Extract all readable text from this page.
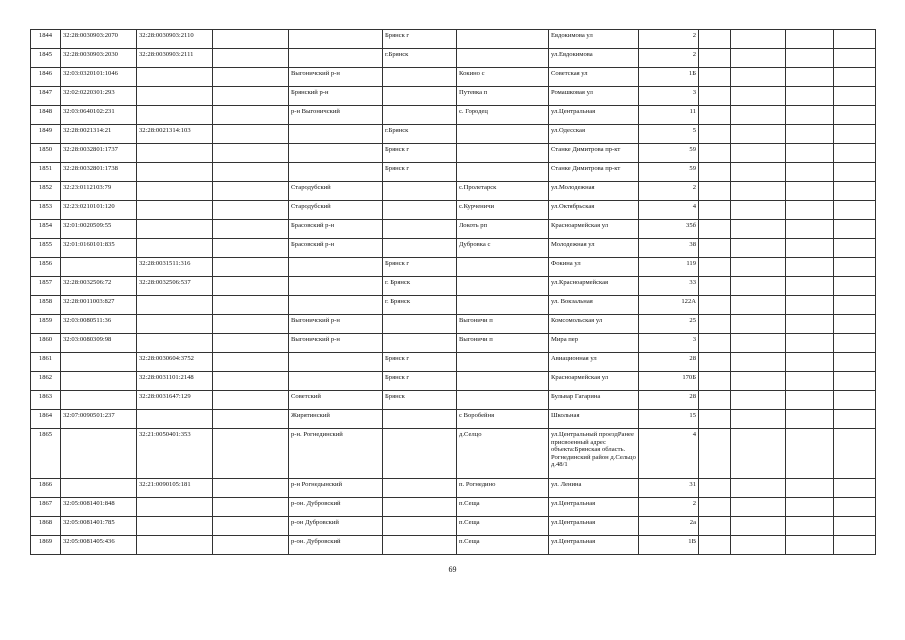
1844	32:28:0030903:2070	32:28:0030903:2110			Брянск г		Евдокимова ул	2				
1845	32:28:0030903:2030	32:28:0030903:2111			г.Брянск		ул.Евдокимова	2				
1846	32:03:0320101:1046			Выгоничский р-н		Кокино с	Советская ул	1Б				
1847	32:02:0220301:293			Брянский р-н		Путевка п	Ромашковая ул	3				
1848	32:03:0640102:231			р-н Выгоничский		с. Городец	ул.Центральная	11				
1849	32:28:0021314:21	32:28:0021314:103			г.Брянск		ул.Одесская	5				
1850	32:28:0032801:1737				Брянск г		Станке Димитрова пр-кт	59				
1851	32:28:0032801:1738				Брянск г		Станке Димитрова пр-кт	59				
1852	32:23:0112103:79			Стародубский		с.Пролетарск	ул.Молодежная	2				
1853	32:23:0210101:120			Стародубский		с.Курченичи	ул.Октябрьская	4				
1854	32:01:0020509:55			Брасовский р-н		Локоть рп	Красноармейская ул	35б				
1855	32:01:0160101:835			Брасовский р-н		Дубровка с	Молодежная ул	38				
1856		32:28:0031511:316			Брянск г		Фокина ул	119				
1857	32:28:0032506:72	32:28:0032506:537			г. Брянск		ул.Красноармейская	33				
1858	32:28:0011003:827				г. Брянск		ул. Вокзальная	122А				
1859	32:03:0080511:36			Выгоничский р-н		Выгоничи п	Комсомольская ул	25				
1860	32:03:0080309:98			Выгоничский р-н		Выгоничи п	Мира пер	3				
1861		32:28:0030604:3752			Брянск г		Авиационная ул	28				
1862		32:28:0031101:2148			Брянск г		Красноармейская ул	170Б				
1863		32:28:0031647:129		Советский	Брянск		Бульвар Гагарина	28				
1864	32:07:0090501:237			Жирятинский		с Воробейня	Школьная	15				
1865		32:21:0050401:353		р-н. Рогнединский		д.Селцо	ул.Центральный проездРанее присвоенный адрес объекта:Брянская область. Рогнединский район д.Сельцо д.48/1	4				
1866		32:21:0090105:181		р-н Рогнедынский		п. Рогнедино	ул. Ленина	31				
1867	32:05:0081401:848			р-он. Дубровский		п.Сеща	ул.Центральная	2				
1868	32:05:0081401:785			р-он Дубровский		п.Сеща	ул.Центральная	2а				
1869	32:05:0081405:436			р-он. Дубровский		п.Сеща	ул.Центральная	1В				
69
